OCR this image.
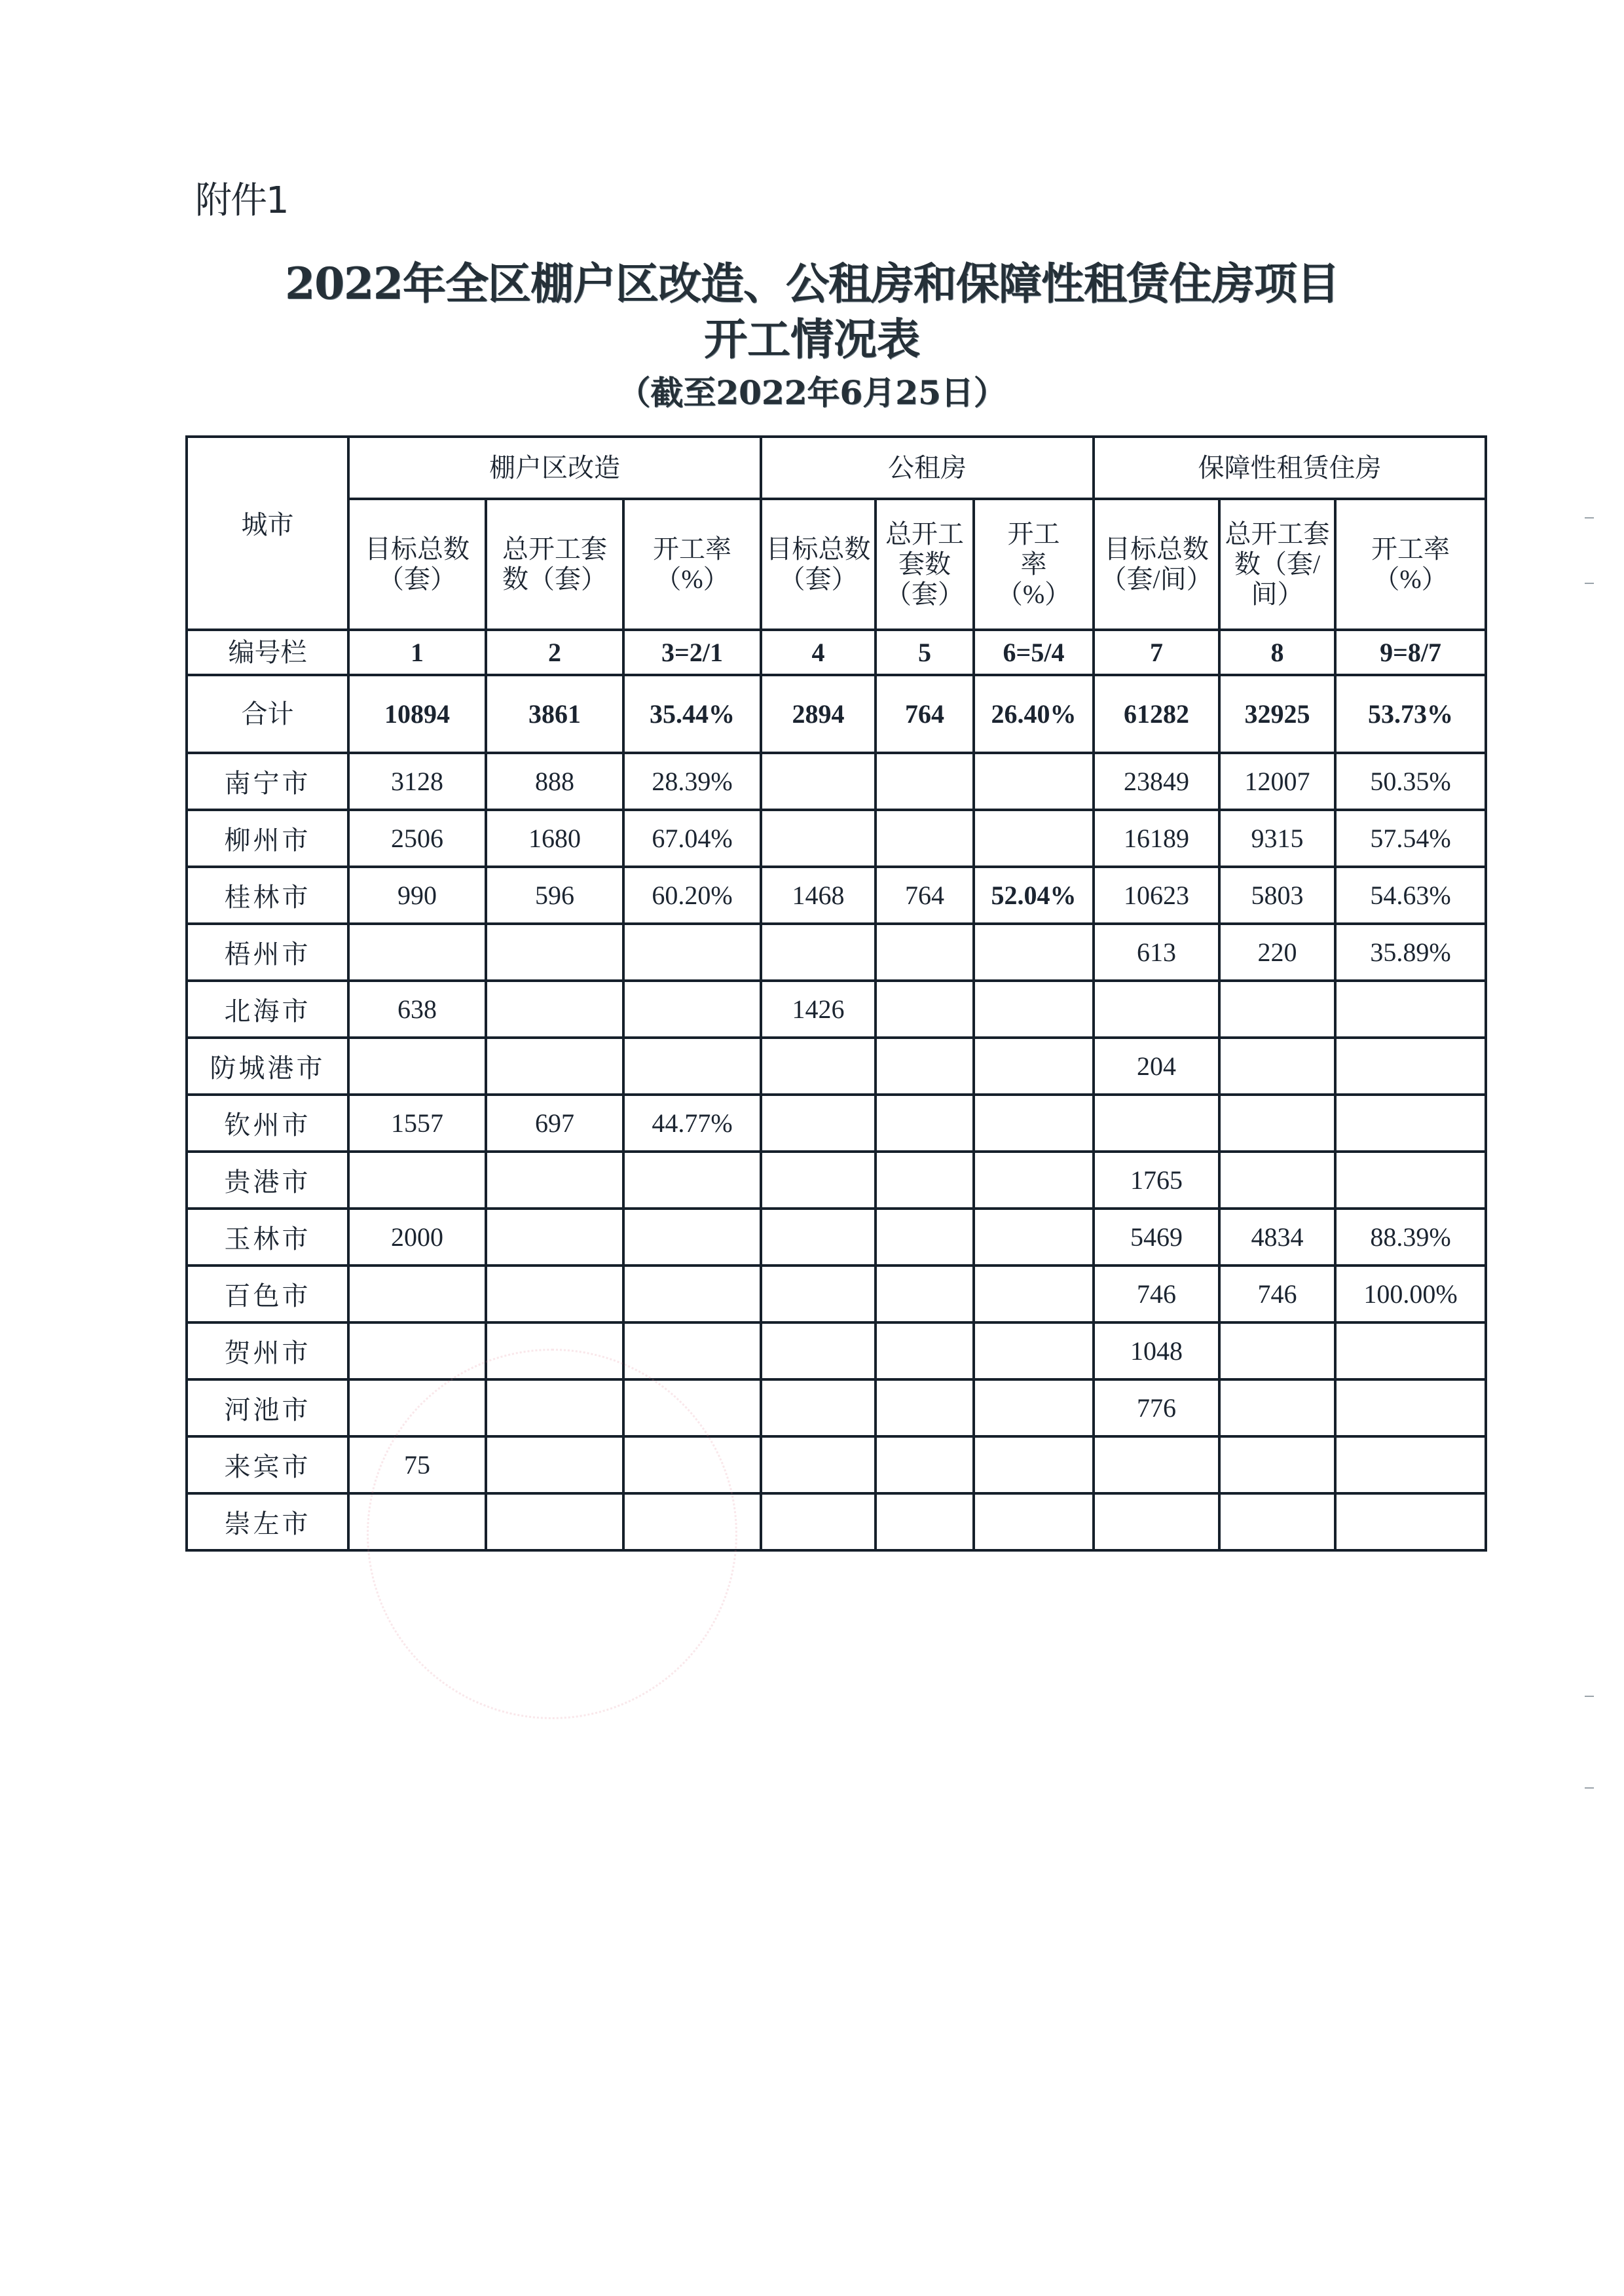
附件1
2022年全区棚户区改造、公租房和保障性租赁住房项目
开工情况表
（截至2022年6月25日）
城市	棚户区改造			公租房			保障性租赁住房		
	目标总数（套）	总开工套数（套）	开工率（%）	目标总数（套）	总开工套数（套）	开工率（%）	目标总数（套/间）	总开工套数（套/间）	开工率（%）
编号栏	1	2	3=2/1	4	5	6=5/4	7	8	9=8/7
合计	10894	3861	35.44%	2894	764	26.40%	61282	32925	53.73%
南宁市	3128	888	28.39%				23849	12007	50.35%
柳州市	2506	1680	67.04%				16189	9315	57.54%
桂林市	990	596	60.20%	1468	764	52.04%	10623	5803	54.63%
梧州市							613	220	35.89%
北海市	638			1426					
防城港市							204		
钦州市	1557	697	44.77%						
贵港市							1765		
玉林市	2000						5469	4834	88.39%
百色市							746	746	100.00%
贺州市							1048		
河池市							776		
来宾市	75								
崇左市									
